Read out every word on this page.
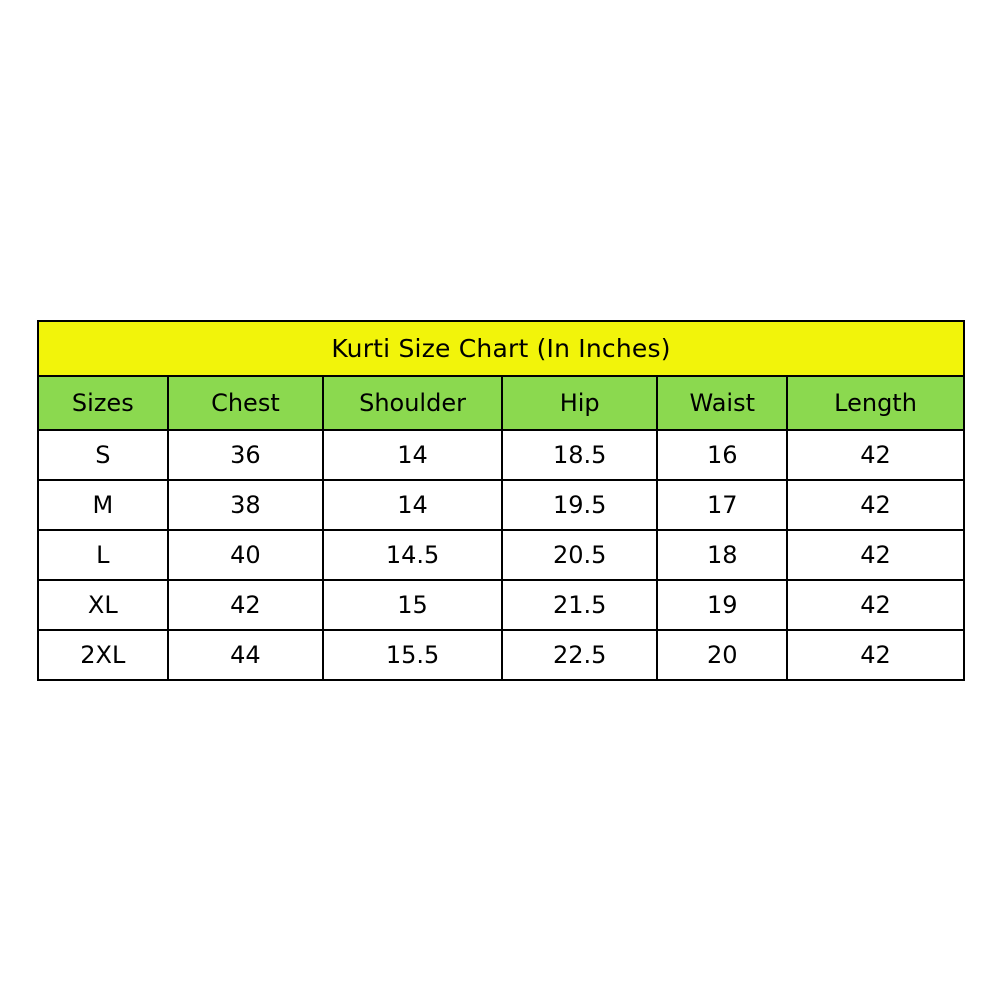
Kurti Size Chart (In Inches)					
Sizes	Chest	Shoulder	Hip	Waist	Length
S	36	14	18.5	16	42
M	38	14	19.5	17	42
L	40	14.5	20.5	18	42
XL	42	15	21.5	19	42
2XL	44	15.5	22.5	20	42
